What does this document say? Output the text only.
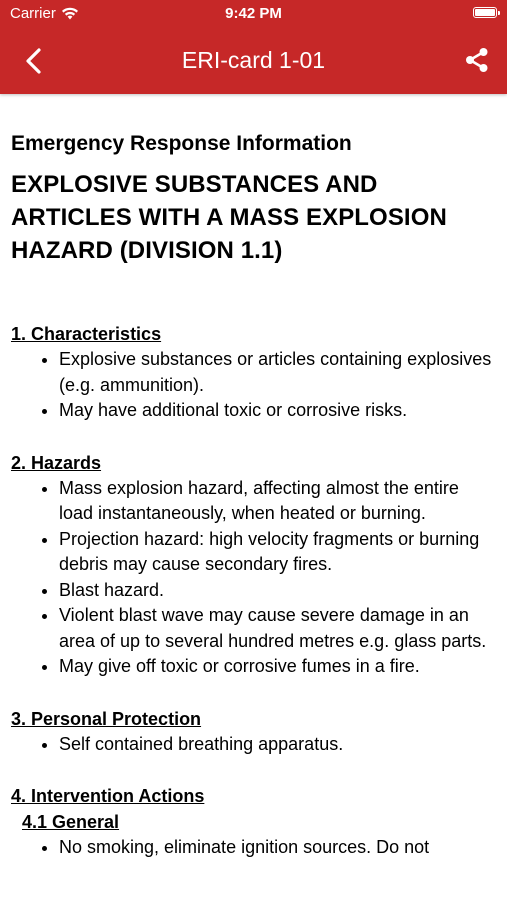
Carrier	9:42 PM
ERI-card 1-01
Emergency Response Information
EXPLOSIVE SUBSTANCES AND ARTICLES WITH A MASS EXPLOSION HAZARD (DIVISION 1.1)
1. Characteristics
• Explosive substances or articles containing explosives (e.g. ammunition).
• May have additional toxic or corrosive risks.
2. Hazards
• Mass explosion hazard, affecting almost the entire load instantaneously, when heated or burning.
• Projection hazard: high velocity fragments or burning debris may cause secondary fires.
• Blast hazard.
• Violent blast wave may cause severe damage in an area of up to several hundred metres e.g. glass parts.
• May give off toxic or corrosive fumes in a fire.
3. Personal Protection
• Self contained breathing apparatus.
4. Intervention Actions
4.1 General
• No smoking, eliminate ignition sources. Do not
